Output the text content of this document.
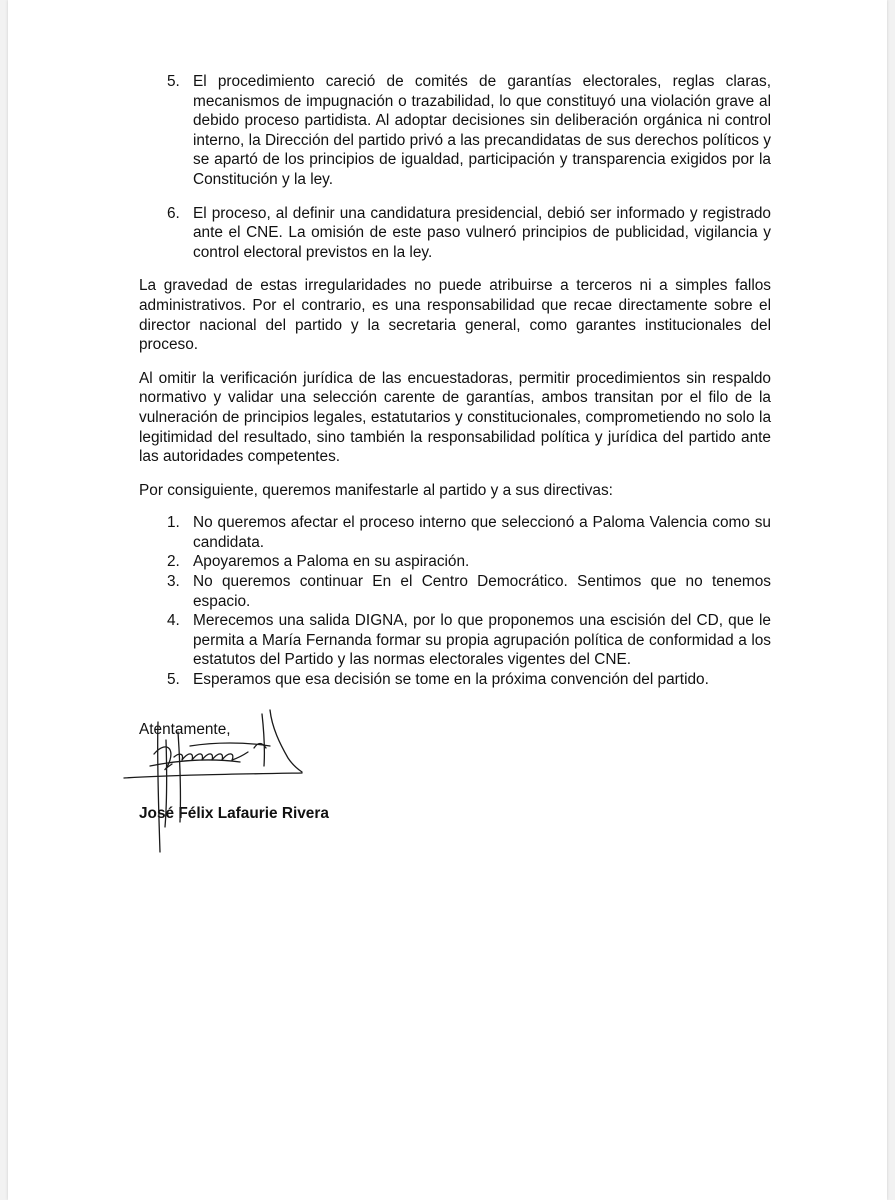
5. El procedimiento careció de comités de garantías electorales, reglas claras, mecanismos de impugnación o trazabilidad, lo que constituyó una violación grave al debido proceso partidista. Al adoptar decisiones sin deliberación orgánica ni control interno, la Dirección del partido privó a las precandidatas de sus derechos políticos y se apartó de los principios de igualdad, participación y transparencia exigidos por la Constitución y la ley.
6. El proceso, al definir una candidatura presidencial, debió ser informado y registrado ante el CNE. La omisión de este paso vulneró principios de publicidad, vigilancia y control electoral previstos en la ley.

La gravedad de estas irregularidades no puede atribuirse a terceros ni a simples fallos administrativos. Por el contrario, es una responsabilidad que recae directamente sobre el director nacional del partido y la secretaria general, como garantes institucionales del proceso.

Al omitir la verificación jurídica de las encuestadoras, permitir procedimientos sin respaldo normativo y validar una selección carente de garantías, ambos transitan por el filo de la vulneración de principios legales, estatutarios y constitucionales, comprometiendo no solo la legitimidad del resultado, sino también la responsabilidad política y jurídica del partido ante las autoridades competentes.

Por consiguiente, queremos manifestarle al partido y a sus directivas:

1. No queremos afectar el proceso interno que seleccionó a Paloma Valencia como su candidata.
2. Apoyaremos a Paloma en su aspiración.
3. No queremos continuar En el Centro Democrático. Sentimos que no tenemos espacio.
4. Merecemos una salida DIGNA, por lo que proponemos una escisión del CD, que le permita a María Fernanda formar su propia agrupación política de conformidad a los estatutos del Partido y las normas electorales vigentes del CNE.
5. Esperamos que esa decisión se tome en la próxima convención del partido.
Atentamente,
José Félix Lafaurie Rivera
